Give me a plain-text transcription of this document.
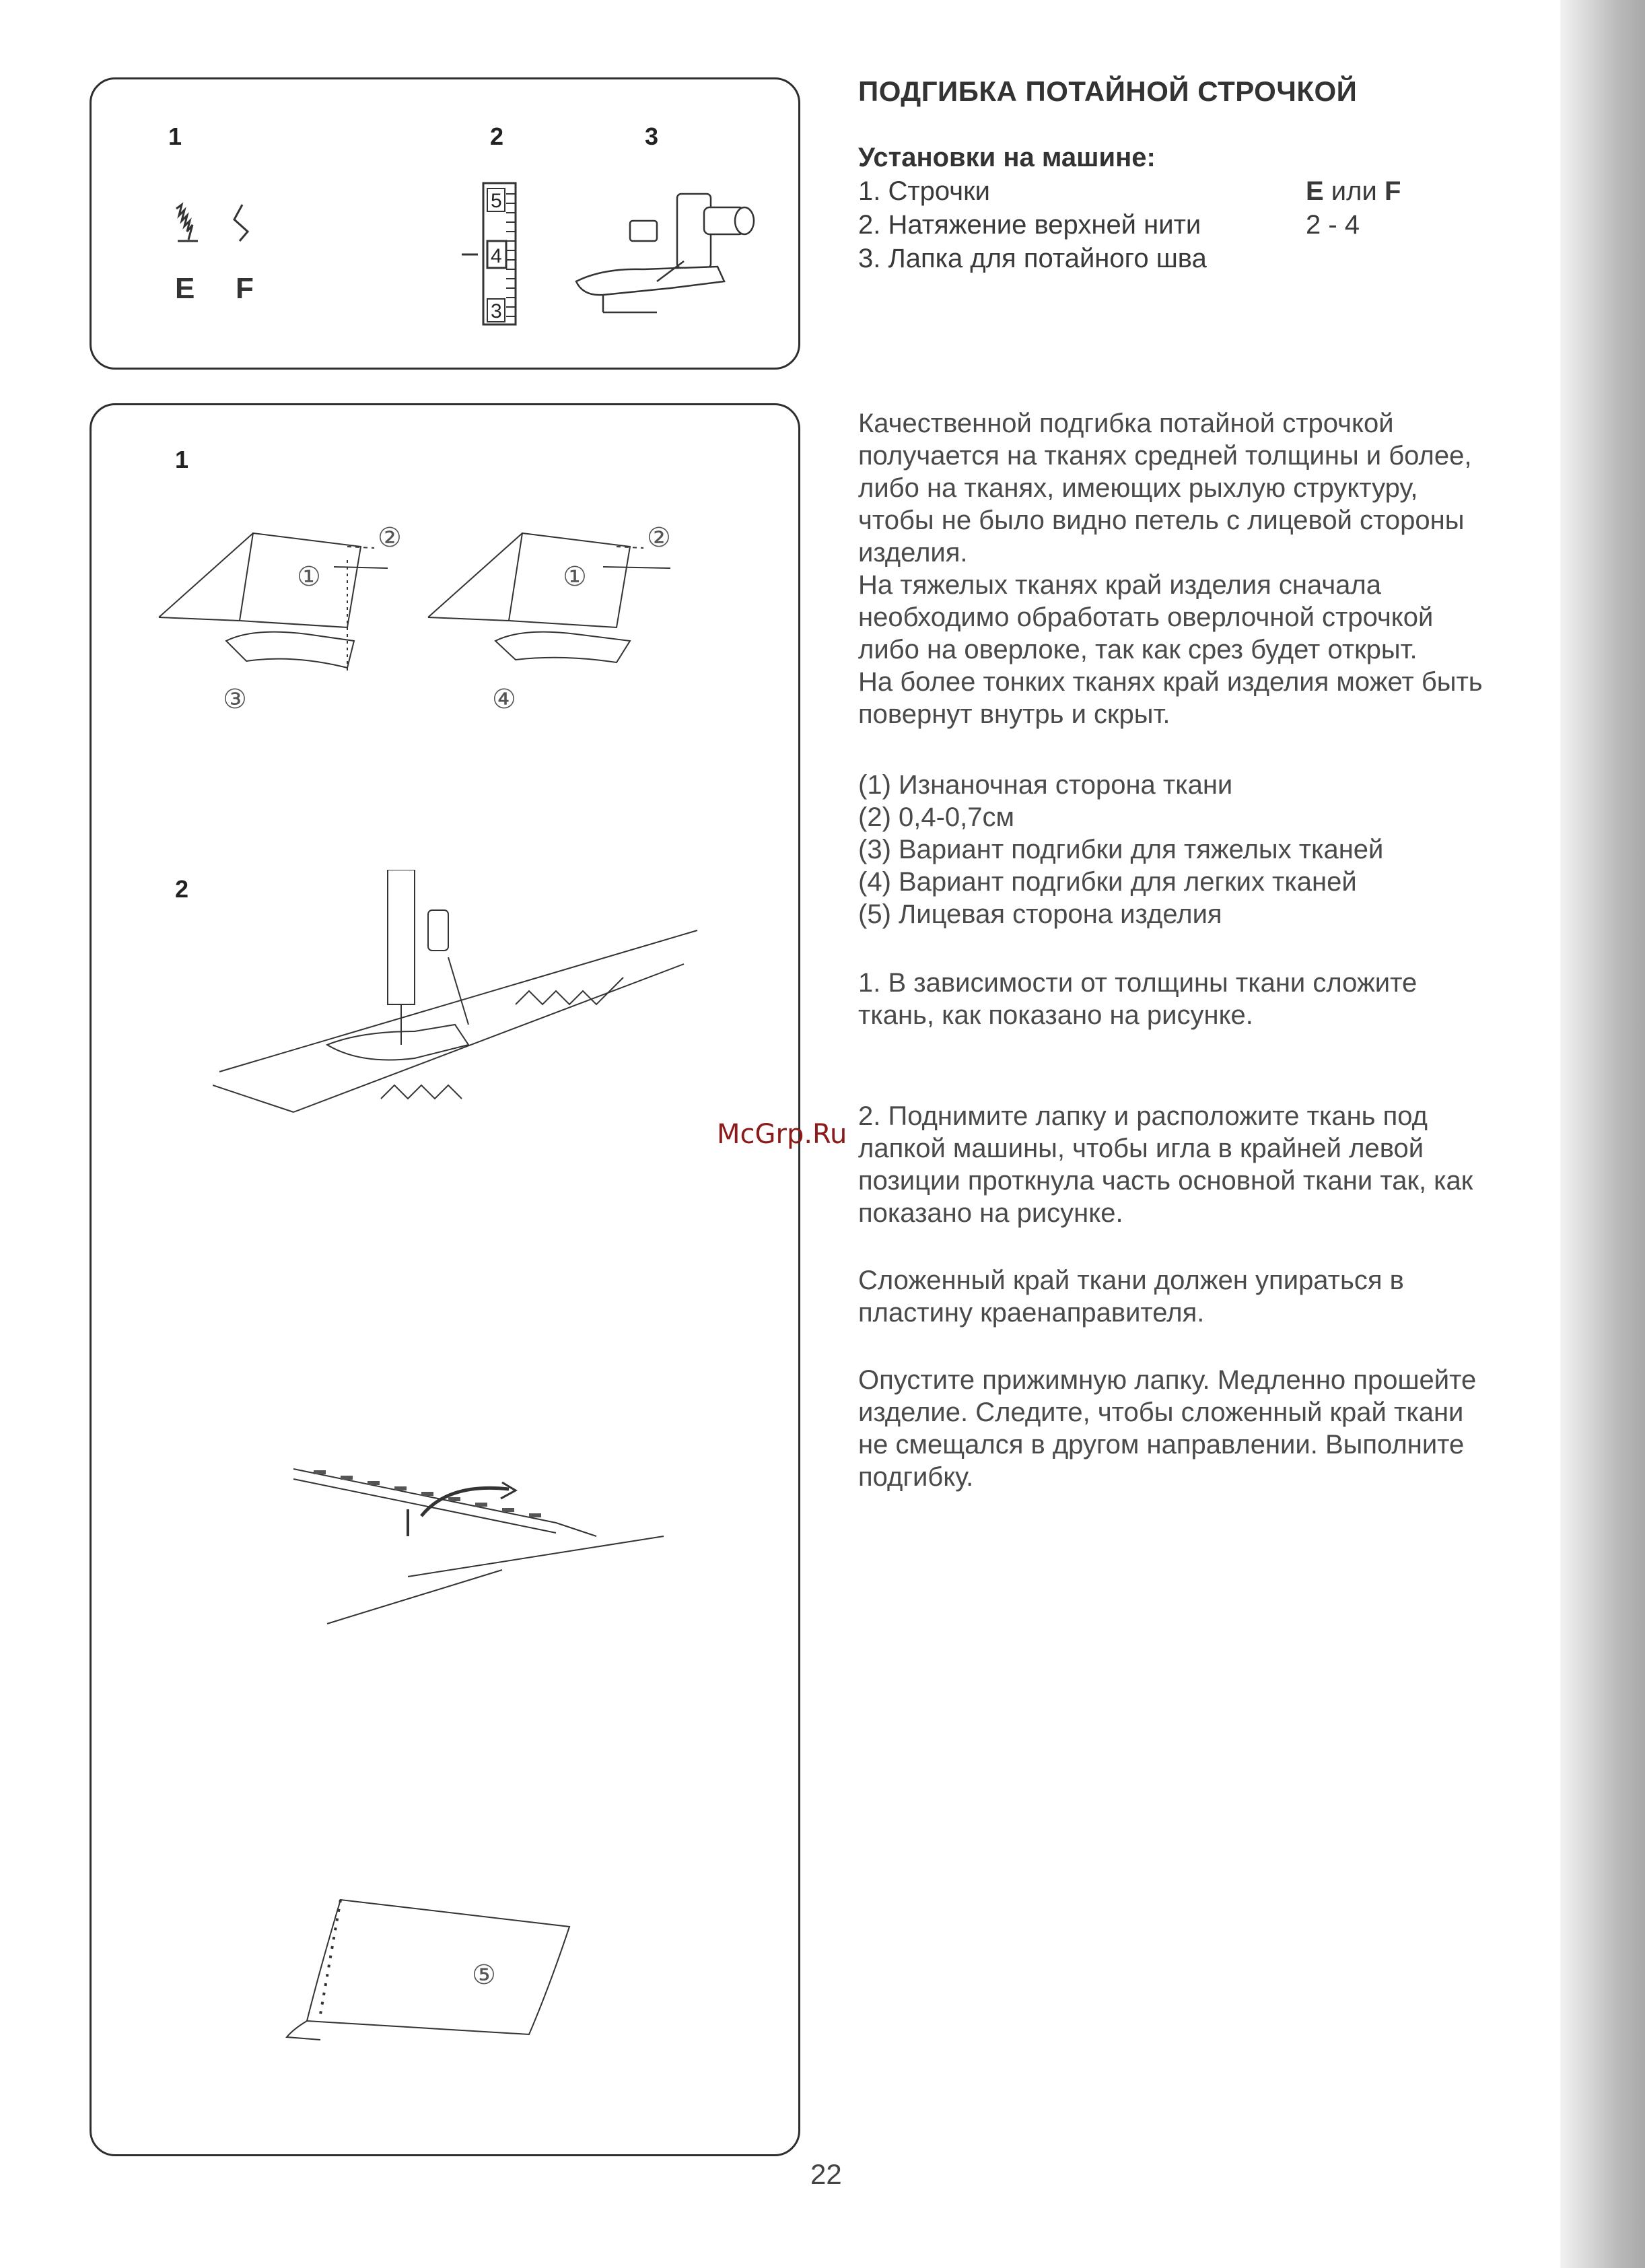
1	2	3
E F
5
4
3
1
2
①
②
③
①
②
④
⑤
ПОДГИБКА ПОТАЙНОЙ СТРОЧКОЙ
Установки на машине:
1. Строчки	E или F
2. Натяжение верхней нити	2 - 4
3. Лапка для потайного шва
Качественной подгибка потайной строчкой
получается на тканях средней толщины и более,
либо на тканях, имеющих рыхлую структуру,
чтобы не было видно петель с лицевой стороны
изделия.
На тяжелых тканях край изделия сначала
необходимо обработать оверлочной строчкой
либо на оверлоке, так как срез будет открыт.
На более тонких тканях край изделия может быть
повернут внутрь и скрыт.
(1) Изнаночная сторона ткани
(2) 0,4-0,7см
(3) Вариант подгибки для тяжелых тканей
(4) Вариант подгибки для легких тканей
(5) Лицевая сторона изделия
1. В зависимости от толщины ткани сложите
ткань, как показано на рисунке.
2. Поднимите лапку и расположите ткань под
лапкой машины, чтобы игла в крайней левой
позиции проткнула часть основной ткани так, как
показано на рисунке.
Сложенный край ткани должен упираться в
пластину краенаправителя.
Опустите прижимную лапку. Медленно прошейте
изделие. Следите, чтобы сложенный край ткани
не смещался в другом направлении. Выполните
подгибку.
McGrp.Ru
22
